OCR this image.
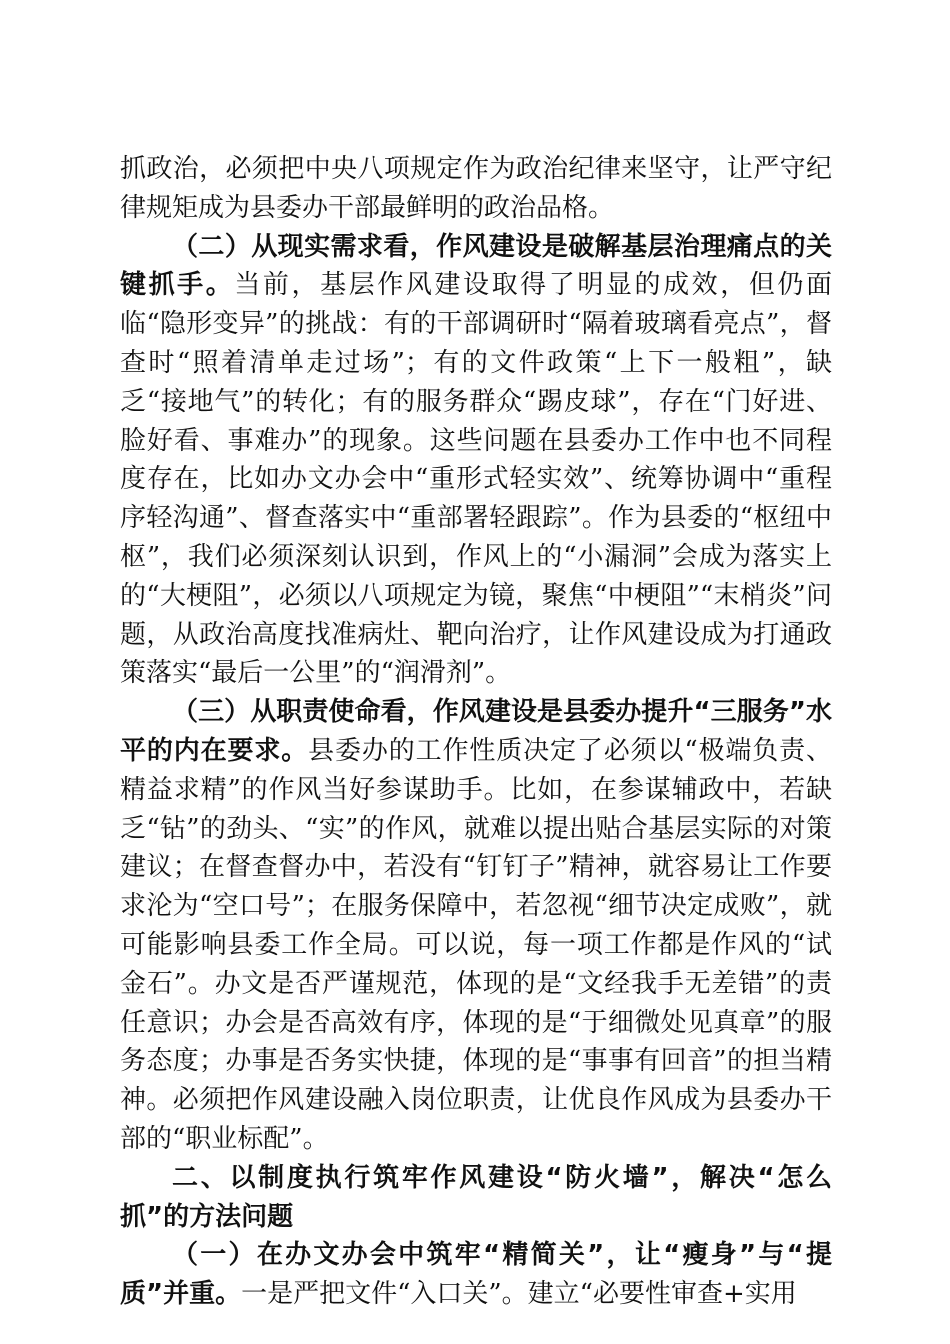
抓政治，必须把中央八项规定作为政治纪律来坚守，让严守纪律规矩成为县委办干部最鲜明的政治品格。

（二）从现实需求看，作风建设是破解基层治理痛点的关键抓手。当前，基层作风建设取得了明显的成效，但仍面临“隐形变异”的挑战：有的干部调研时“隔着玻璃看亮点”，督查时“照着清单走过场”；有的文件政策“上下一般粗”，缺乏“接地气”的转化；有的服务群众“踢皮球”，存在“门好进、脸好看、事难办”的现象。这些问题在县委办工作中也不同程度存在，比如办文办会中“重形式轻实效”、统筹协调中“重程序轻沟通”、督查落实中“重部署轻跟踪”。作为县委的“枢纽中枢”，我们必须深刻认识到，作风上的“小漏洞”会成为落实上的“大梗阻”，必须以八项规定为镜，聚焦“中梗阻”“末梢炎”问题，从政治高度找准病灶、靶向治疗，让作风建设成为打通政策落实“最后一公里”的“润滑剂”。

（三）从职责使命看，作风建设是县委办提升“三服务”水平的内在要求。县委办的工作性质决定了必须以“极端负责、精益求精”的作风当好参谋助手。比如，在参谋辅政中，若缺乏“钻”的劲头、“实”的作风，就难以提出贴合基层实际的对策建议；在督查督办中，若没有“钉钉子”精神，就容易让工作要求沦为“空口号”；在服务保障中，若忽视“细节决定成败”，就可能影响县委工作全局。可以说，每一项工作都是作风的“试金石”。办文是否严谨规范，体现的是“文经我手无差错”的责任意识；办会是否高效有序，体现的是“于细微处见真章”的服务态度；办事是否务实快捷，体现的是“事事有回音”的担当精神。必须把作风建设融入岗位职责，让优良作风成为县委办干部的“职业标配”。

二、以制度执行筑牢作风建设“防火墙”，解决“怎么抓”的方法问题

（一）在办文办会中筑牢“精简关”，让“瘦身”与“提质”并重。一是严把文件“入口关”。建立“必要性审查+实用
